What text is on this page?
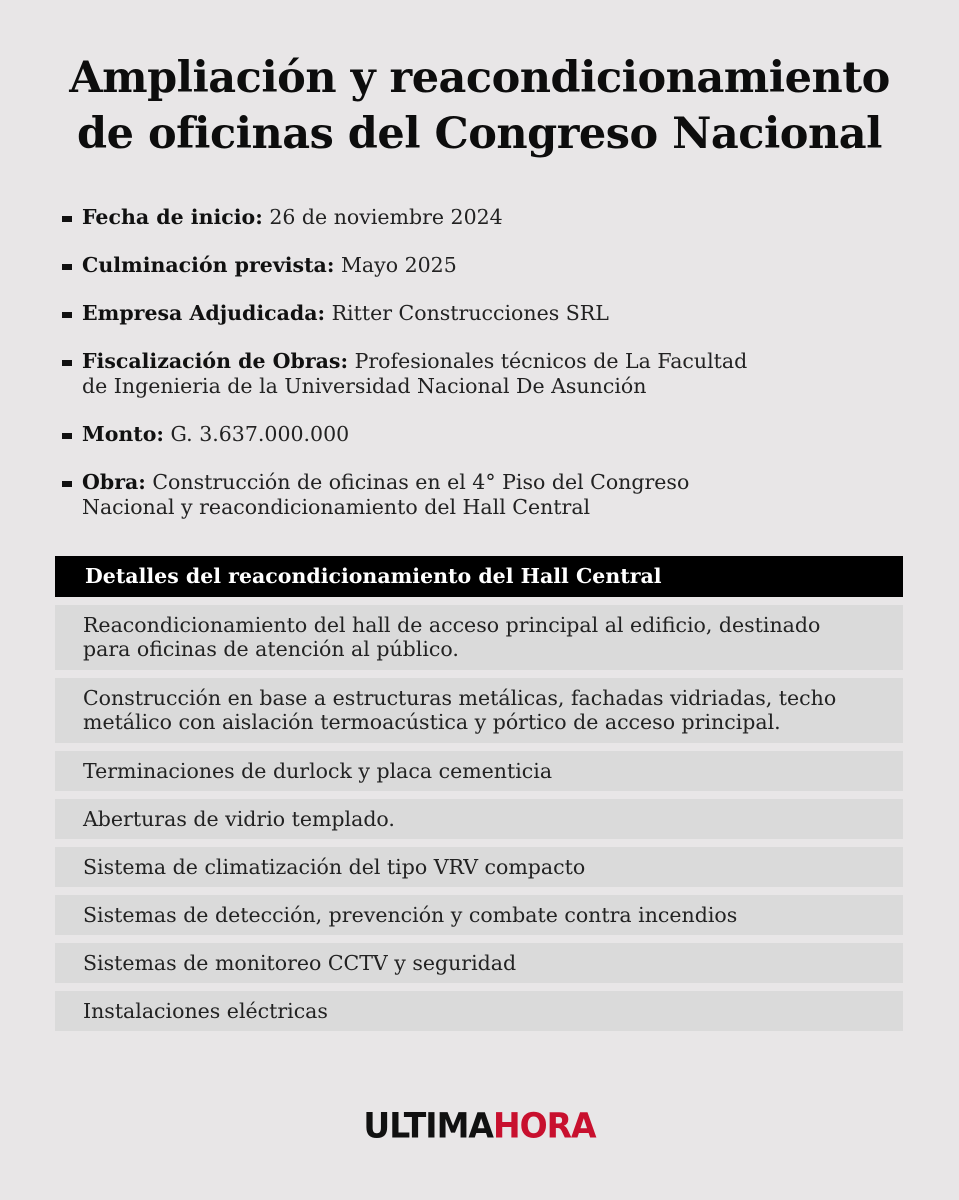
Ampliación y reacondicionamiento
de oficinas del Congreso Nacional
Fecha de inicio: 26 de noviembre 2024
Culminación prevista: Mayo 2025
Empresa Adjudicada: Ritter Construcciones SRL
Fiscalización de Obras: Profesionales técnicos de La Facultad
de Ingenieria de la Universidad Nacional De Asunción
Monto: G. 3.637.000.000
Obra: Construcción de oficinas en el 4° Piso del Congreso
Nacional y reacondicionamiento del Hall Central
Detalles del reacondicionamiento del Hall Central
Reacondicionamiento del hall de acceso principal al edificio, destinado
para oficinas de atención al público.
Construcción en base a estructuras metálicas, fachadas vidriadas, techo
metálico con aislación termoacústica y pórtico de acceso principal.
Terminaciones de durlock y placa cementicia
Aberturas de vidrio templado.
Sistema de climatización del tipo VRV compacto
Sistemas de detección, prevención y combate contra incendios
Sistemas de monitoreo CCTV y seguridad
Instalaciones eléctricas
ULTIMAHORA
